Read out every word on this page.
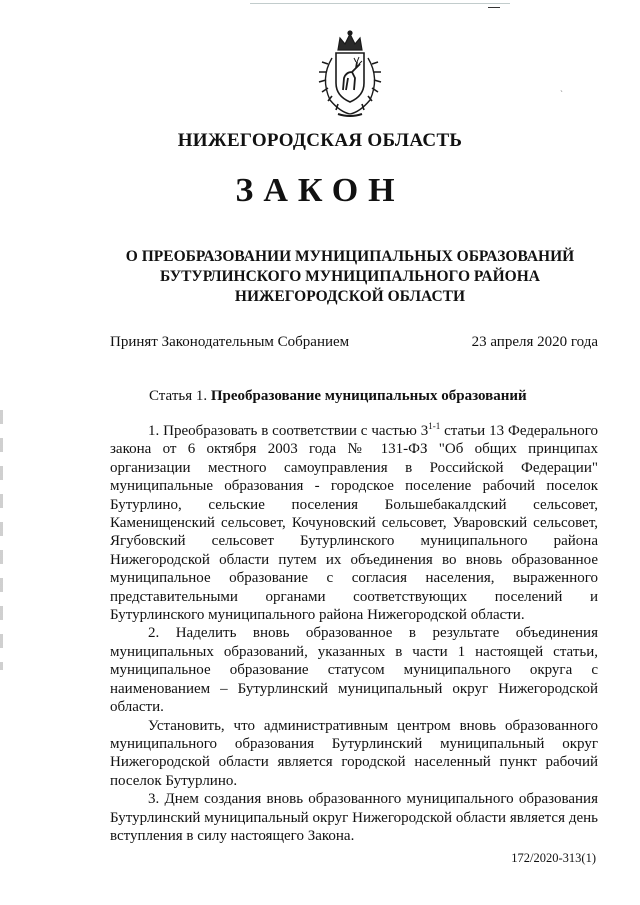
ˎ
НИЖЕГОРОДСКАЯ ОБЛАСТЬ
ЗАКОН
О ПРЕОБРАЗОВАНИИ МУНИЦИПАЛЬНЫХ ОБРАЗОВАНИЙ
БУТУРЛИНСКОГО МУНИЦИПАЛЬНОГО РАЙОНА
НИЖЕГОРОДСКОЙ ОБЛАСТИ
Принят Законодательным Собранием	23 апреля 2020 года
Статья 1. Преобразование муниципальных образований

1. Преобразовать в соответствии с частью 3$^{1-1}$ статьи 13 Федерального закона от 6 октября 2003 года № 131-ФЗ "Об общих принципах организации местного самоуправления в Российской Федерации" муниципальные образования - городское поселение рабочий поселок Бутурлино, сельские поселения Большебакалдский сельсовет, Каменищенский сельсовет, Кочуновский сельсовет, Уваровский сельсовет, Ягубовский сельсовет Бутурлинского муниципального района Нижегородской области путем их объединения во вновь образованное муниципальное образование с согласия населения, выраженного представительными органами соответствующих поселений и Бутурлинского муниципального района Нижегородской области.

2. Наделить вновь образованное в результате объединения муниципальных образований, указанных в части 1 настоящей статьи, муниципальное образование статусом муниципального округа с наименованием – Бутурлинский муниципальный округ Нижегородской области.

Установить, что административным центром вновь образованного муниципального образования Бутурлинский муниципальный округ Нижегородской области является городской населенный пункт рабочий поселок Бутурлино.

3. Днем создания вновь образованного муниципального образования Бутурлинский муниципальный округ Нижегородской области является день вступления в силу настоящего Закона.

172/2020-313(1)
